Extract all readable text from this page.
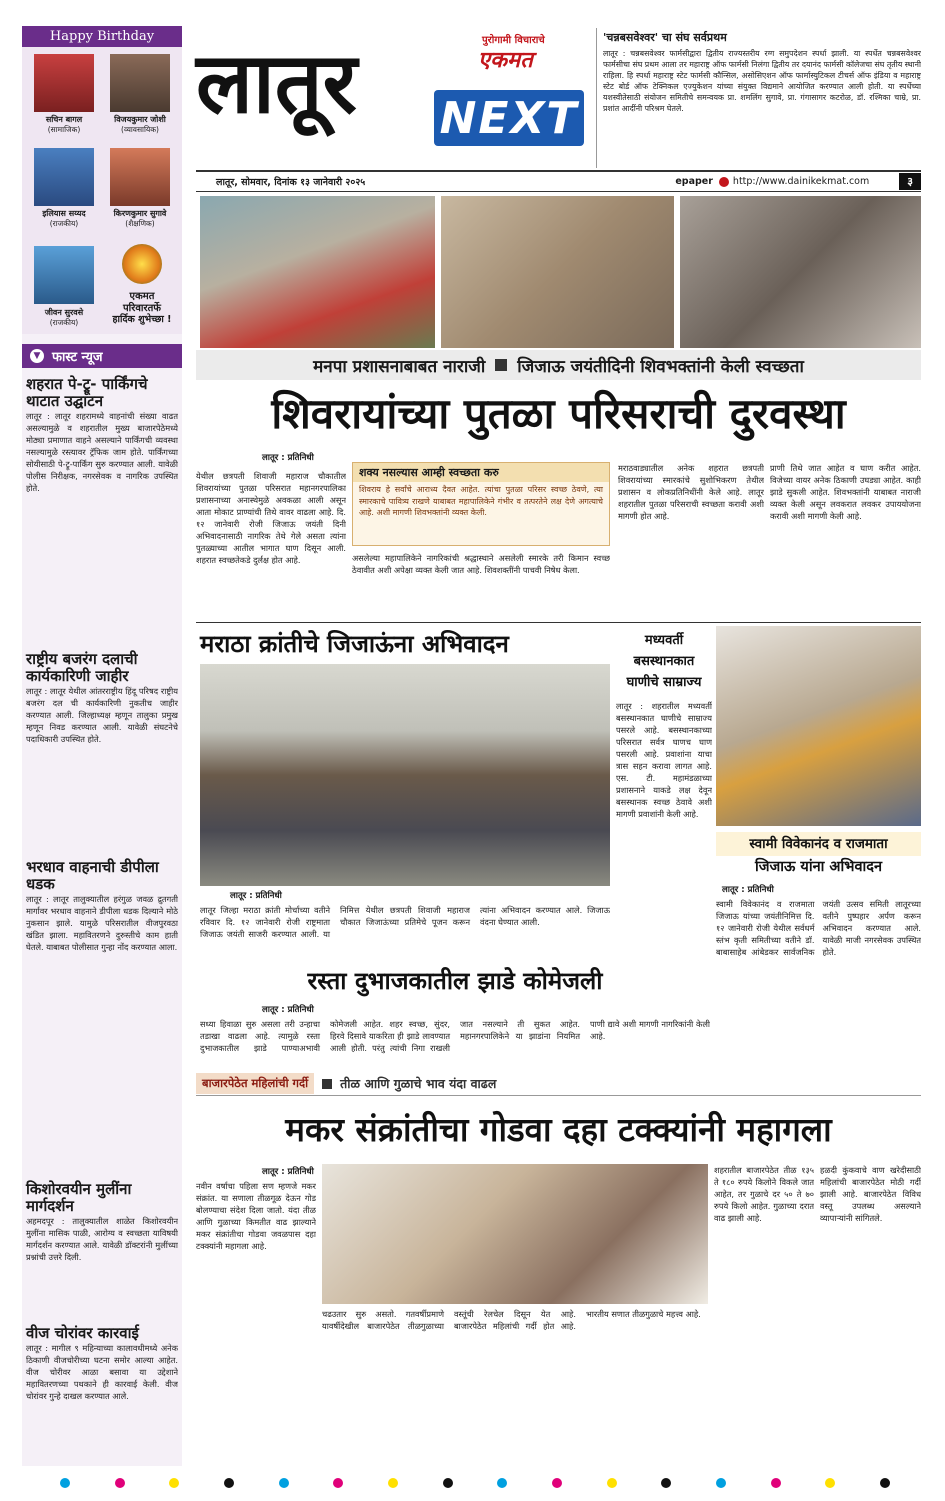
Happy Birthday
सचिन बागल
(सामाजिक)
विजयकुमार जोशी
(व्यावसायिक)
इलियास सय्यद
(राजकीय)
किरणकुमार सुगावे
(शैक्षणिक)
जीवन सुरवसे
(राजकीय)
एकमत
परिवारतर्फे
हार्दिक शुभेच्छा !
▼ फास्ट न्यूज
शहरात पे-ट्रू- पार्किंगचे थाटात उद्घाटन
लातूर : लातूर शहरामध्ये वाहनांची संख्या वाढत असल्यामुळे व शहरातील मुख्य बाजारपेठेमध्ये मोठ्या प्रमाणात वाहने असल्याने पार्किंगची व्यवस्था नसल्यामुळे रस्त्यावर ट्रॅफिक जाम होते. पार्किंगच्या सोयीसाठी पे-ट्रू-पार्किंग सुरु करण्यात आली. यावेळी पोलीस निरीक्षक, नगरसेवक व नागरिक उपस्थित होते.
राष्ट्रीय बजरंग दलाची कार्यकारिणी जाहीर
लातूर : लातूर येथील आंतरराष्ट्रीय हिंदू परिषद राष्ट्रीय बजरंग दल ची कार्यकारिणी नुकतीच जाहीर करण्यात आली. जिल्हाध्यक्ष म्हणून तालुका प्रमुख म्हणून निवड करण्यात आली. यावेळी संघटनेचे पदाधिकारी उपस्थित होते.
भरधाव वाहनाची डीपीला धडक
लातूर : लातूर तालुक्यातील हरंगुळ जवळ द्रुतगती मार्गावर भरधाव वाहनाने डीपीला धडक दिल्याने मोठे नुकसान झाले. यामुळे परिसरातील वीजपुरवठा खंडित झाला. महावितरणने दुरुस्तीचे काम हाती घेतले. याबाबत पोलीसात गुन्हा नोंद करण्यात आला.
किशोरवयीन मुलींना मार्गदर्शन
अहमदपूर : तालुक्यातील शाळेत किशोरवयीन मुलींना मासिक पाळी, आरोग्य व स्वच्छता याविषयी मार्गदर्शन करण्यात आले. यावेळी डॉक्टरांनी मुलींच्या प्रश्नांची उत्तरे दिली.
वीज चोरांवर कारवाई
लातूर : मागील ९ महिन्याच्या कालावधीमध्ये अनेक ठिकाणी वीजचोरीच्या घटना समोर आल्या आहेत. वीज चोरीवर आळा बसावा या उद्देशाने महावितरणच्या पथकाने ही कारवाई केली. वीज चोरांवर गुन्हे दाखल करण्यात आले.
लातूर	पुरोगामी विचाराचे
एकमत
NEXT
लातूर, सोमवार, दिनांक १३ जानेवारी २०२५	epaper http://www.dainikekmat.com	३
'चन्नबसवेश्वर' चा संघ सर्वप्रथम
लातूर : चन्नबसवेश्वर फार्मसीद्वारा द्वितीय राज्यस्तरीय रग्ग समुपदेशन स्पर्धा झाली. या स्पर्धेत चन्नबसवेश्वर फार्मसीचा संघ प्रथम आला तर महाराष्ट्र ऑफ फार्मसी निलंगा द्वितीय तर दयानंद फार्मसी कॉलेजचा संघ तृतीय स्थानी राहिला. हि स्पर्धा महाराष्ट्र स्टेट फार्मसी कौन्सिल, असोसिएशन ऑफ फार्मास्युटिकल टीचर्स ऑफ इंडिया व महाराष्ट्र स्टेट बोर्ड ऑफ टेक्निकल एज्युकेशन यांच्या संयुक्त विद्यमाने आयोजित करण्यात आली होती. या स्पर्धेच्या यशस्वीतेसाठी संयोजन समितीचे समन्वयक प्रा. शमलिंग सुगावे, प्रा. गंगासागर कटरोळ, डॉ. रश्मिका चाम्रे, प्रा. प्रशांत आदींनी परिश्रम घेतले.
मनपा प्रशासनाबाबत नाराजी जिजाऊ जयंतीदिनी शिवभक्तांनी केली स्वच्छता
शिवरायांच्या पुतळा परिसराची दुरवस्था
लातूर : प्रतिनिधी
येथील छत्रपती शिवाजी महाराज चौकातील शिवरायांच्या पुतळा परिसरात महानगरपालिका प्रशासनाच्या अनास्थेमुळे अवकळा आली असून आता मोकाट प्राण्यांची तिथे वावर वाढला आहे. दि. १२ जानेवारी रोजी जिजाऊ जयंती दिनी अभिवादनासाठी नागरिक तेथे गेले असता त्यांना पुतळ्याच्या आतील भागात घाण दिसून आली. शहरात स्वच्छतेकडे दुर्लक्ष होत आहे.
शक्य नसल्यास आम्ही स्वच्छता करु
शिवराय हे सर्वांचे आराध्य दैवत आहेत. त्यांचा पुतळा परिसर स्वच्छ ठेवणे, त्या स्मारकाचे पावित्र्य राखणे याबाबत महापालिकेने गंभीर व तत्परतेने लक्ष देणे अगत्याचे आहे. अशी मागणी शिवभक्तांनी व्यक्त केली.
असलेल्या महापालिकेने नागरिकांची श्रद्धास्थाने असलेली स्मारके तरी किमान स्वच्छ ठेवावीत अशी अपेक्षा व्यक्त केली जात आहे. शिवशक्तींनी पाचवी निषेध केला.
मराठवाड्यातील अनेक शहरात छत्रपती शिवरायांच्या स्मारकांचे सुशोभिकरण तेथील प्रशासन व लोकप्रतिनिधींनी केले आहे. लातूर शहरातील पुतळा परिसराची स्वच्छता करावी अशी मागणी होत आहे.
प्राणी तिथे जात आहेत व घाण करीत आहेत. विजेच्या वायर अनेक ठिकाणी उघड्या आहेत. काही झाडे सुकली आहेत. शिवभक्तांनी याबाबत नाराजी व्यक्त केली असून लवकरात लवकर उपाययोजना करावी अशी मागणी केली आहे.
मराठा क्रांतीचे जिजाऊंना अभिवादन
लातूर : प्रतिनिधी
लातूर जिल्हा मराठा क्रांती मोर्चाच्या वतीने रविवार दि. १२ जानेवारी रोजी राष्ट्रमाता जिजाऊ जयंती साजरी करण्यात आली. या निमित्त येथील छत्रपती शिवाजी महाराज चौकात जिजाऊंच्या प्रतिमेचे पूजन करून त्यांना अभिवादन करण्यात आले. जिजाऊ वंदना घेण्यात आली.
मध्यवर्ती बसस्थानकात घाणीचे साम्राज्य
लातूर : शहरातील मध्यवर्ती बसस्थानकात घाणीचे साम्राज्य पसरले आहे. बसस्थानकाच्या परिसरात सर्वत्र घाणच घाण पसरली आहे. प्रवाशांना याचा त्रास सहन करावा लागत आहे. एस. टी. महामंडळाच्या प्रशासनाने याकडे लक्ष देवून बसस्थानक स्वच्छ ठेवावे अशी मागणी प्रवाशांनी केली आहे.
स्वामी विवेकानंद व राजमाता
जिजाऊ यांना अभिवादन
लातूर : प्रतिनिधी
स्वामी विवेकानंद व राजमाता जिजाऊ यांच्या जयंतीनिमित्त दि. १२ जानेवारी रोजी येथील सर्वधर्म स्तंभ कृती समितीच्या वतीने डॉ. बाबासाहेब आंबेडकर सार्वजनिक जयंती उत्सव समिती लातूरच्या वतीने पुष्पहार अर्पण करून अभिवादन करण्यात आले. यावेळी माजी नगरसेवक उपस्थित होते.
रस्ता दुभाजकातील झाडे कोमेजली
लातूर : प्रतिनिधी
सध्या हिवाळा सुरु असला तरी उन्हाचा तडाखा वाढला आहे. त्यामुळे रस्ता दुभाजकातील झाडे पाण्याअभावी कोमेजली आहेत. शहर स्वच्छ, सुंदर, हिरवे दिसावे याकरिता ही झाडे लावण्यात आली होती. परंतु त्यांची निगा राखली जात नसल्याने ती सुकत आहेत. महानगरपालिकेने या झाडांना नियमित पाणी द्यावे अशी मागणी नागरिकांनी केली आहे.
बाजारपेठेत महिलांची गर्दी	तीळ आणि गुळाचे भाव यंदा वाढल
मकर संक्रांतीचा गोडवा दहा टक्क्यांनी महागला
लातूर : प्रतिनिधी
नवीन वर्षाचा पहिला सण म्हणजे मकर संक्रांत. या सणाला तीळगूळ देऊन गोड बोलण्याचा संदेश दिला जातो. यंदा तीळ आणि गुळाच्या किमतीत वाढ झाल्याने मकर संक्रांतीचा गोडवा जवळपास दहा टक्क्यांनी महागला आहे.
चढउतार सुरु असतो. गतवर्षीप्रमाणे यावर्षीदेखील बाजारपेठेत तीळगुळाच्या वस्तूंची रेलचेल दिसून येत आहे. बाजारपेठेत महिलांची गर्दी होत आहे. भारतीय सणात तीळगुळाचे महत्त्व आहे.
शहरातील बाजारपेठेत तीळ १३५ ते १८० रुपये किलोने विकले जात आहेत, तर गुळाचे दर ५० ते ७० रुपये किलो आहेत. गुळाच्या दरात वाढ झाली आहे.
हळदी कुंकवाचे वाण खरेदीसाठी महिलांची बाजारपेठेत मोठी गर्दी झाली आहे. बाजारपेठेत विविध वस्तू उपलब्ध असल्याने व्यापाऱ्यांनी सांगितले.
